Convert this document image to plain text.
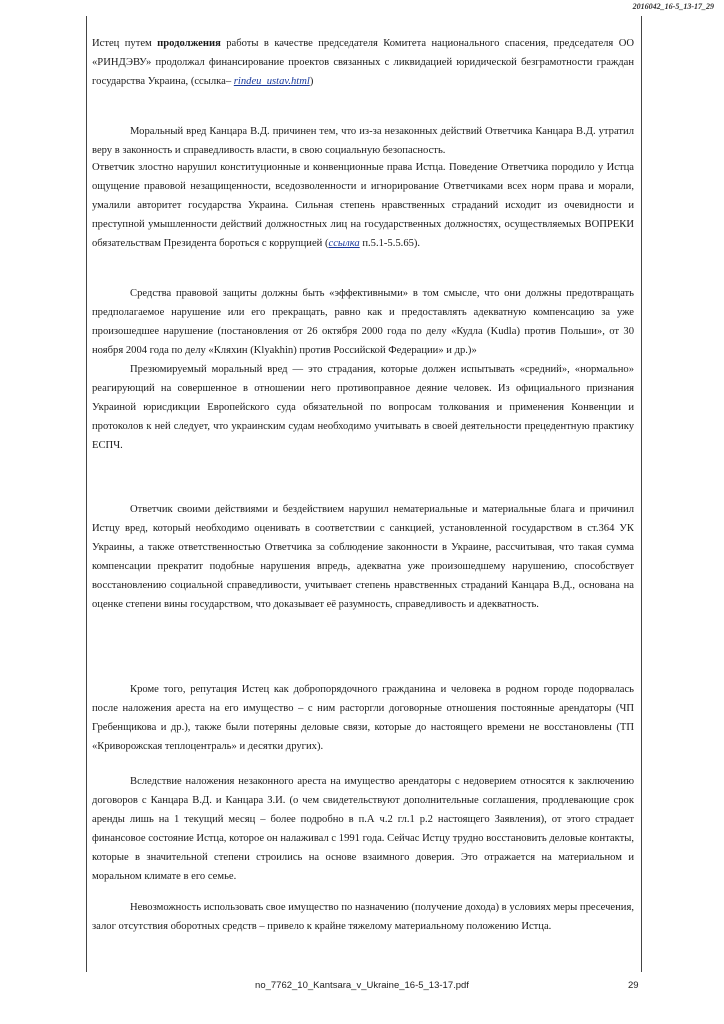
2016042_16-5_13-17_29

Истец путем продолжения работы в качестве председателя Комитета национального спасения, председателя ОО «РИНДЭВУ» продолжал финансирование проектов связанных с ликвидацией юридической безграмотности граждан государства Украина, (ссылка– rindeu_ustav.html)

Моральный вред Канцара В.Д. причинен тем, что из-за незаконных действий Ответчика Канцара В.Д. утратил веру в законность и справедливость власти, в свою социальную безопасность.

Ответчик злостно нарушил конституционные и конвенционные права Истца. Поведение Ответчика породило у Истца ощущение правовой незащищенности, вседозволенности и игнорирование Ответчиками всех норм права и морали, умалили авторитет государства Украина. Сильная степень нравственных страданий исходит из очевидности и преступной умышленности действий должностных лиц на государственных должностях, осуществляемых ВОПРЕКИ обязательствам Президента бороться с коррупцией (ссылка п.5.1-5.5.65).

Средства правовой защиты должны быть «эффективными» в том смысле, что они должны предотвращать предполагаемое нарушение или его прекращать, равно как и предоставлять адекватную компенсацию за уже произошедшее нарушение (постановления от 26 октября 2000 года по делу «Кудла (Kudla) против Польши», от 30 ноября 2004 года по делу «Кляхин (Klyakhin) против Российской Федерации» и др.)»

Презюмируемый моральный вред — это страдания, которые должен испытывать «средний», «нормально» реагирующий на совершенное в отношении него противоправное деяние человек. Из официального признания Украиной юрисдикции Европейского суда обязательной по вопросам толкования и применения Конвенции и протоколов к ней следует, что украинским судам необходимо учитывать в своей деятельности прецедентную практику ЕСПЧ.

Ответчик своими действиями и бездействием нарушил нематериальные и материальные блага и причинил Истцу вред, который необходимо оценивать в соответствии с санкцией, установленной государством в ст.364 УК Украины, а также ответственностью Ответчика за соблюдение законности в Украине, рассчитывая, что такая сумма компенсации прекратит подобные нарушения впредь, адекватна уже произошедшему нарушению, способствует восстановлению социальной справедливости, учитывает степень нравственных страданий Канцара В.Д., основана на оценке степени вины государством, что доказывает её разумность, справедливость и адекватность.

Кроме того, репутация Истец как добропорядочного гражданина и человека в родном городе подорвалась после наложения ареста на его имущество – с ним расторгли договорные отношения постоянные арендаторы (ЧП Гребенщикова и др.), также были потеряны деловые связи, которые до настоящего времени не восстановлены (ТП «Криворожская теплоцентраль» и десятки других).

Вследствие наложения незаконного ареста на имущество арендаторы с недоверием относятся к заключению договоров с Канцара В.Д. и Канцара З.И. (о чем свидетельствуют дополнительные соглашения, продлевающие срок аренды лишь на 1 текущий месяц – более подробно в п.А ч.2 гл.1 р.2 настоящего Заявления), от этого страдает финансовое состояние Истца, которое он налаживал с 1991 года. Сейчас Истцу трудно восстановить деловые контакты, которые в значительной степени строились на основе взаимного доверия. Это отражается на материальном и моральном климате в его семье.

Невозможность использовать свое имущество по назначению (получение дохода) в условиях меры пресечения, залог отсутствия оборотных средств – привело к крайне тяжелому материальному положению Истца.

no_7762_10_Kantsara_v_Ukraine_16-5_13-17.pdf	29
